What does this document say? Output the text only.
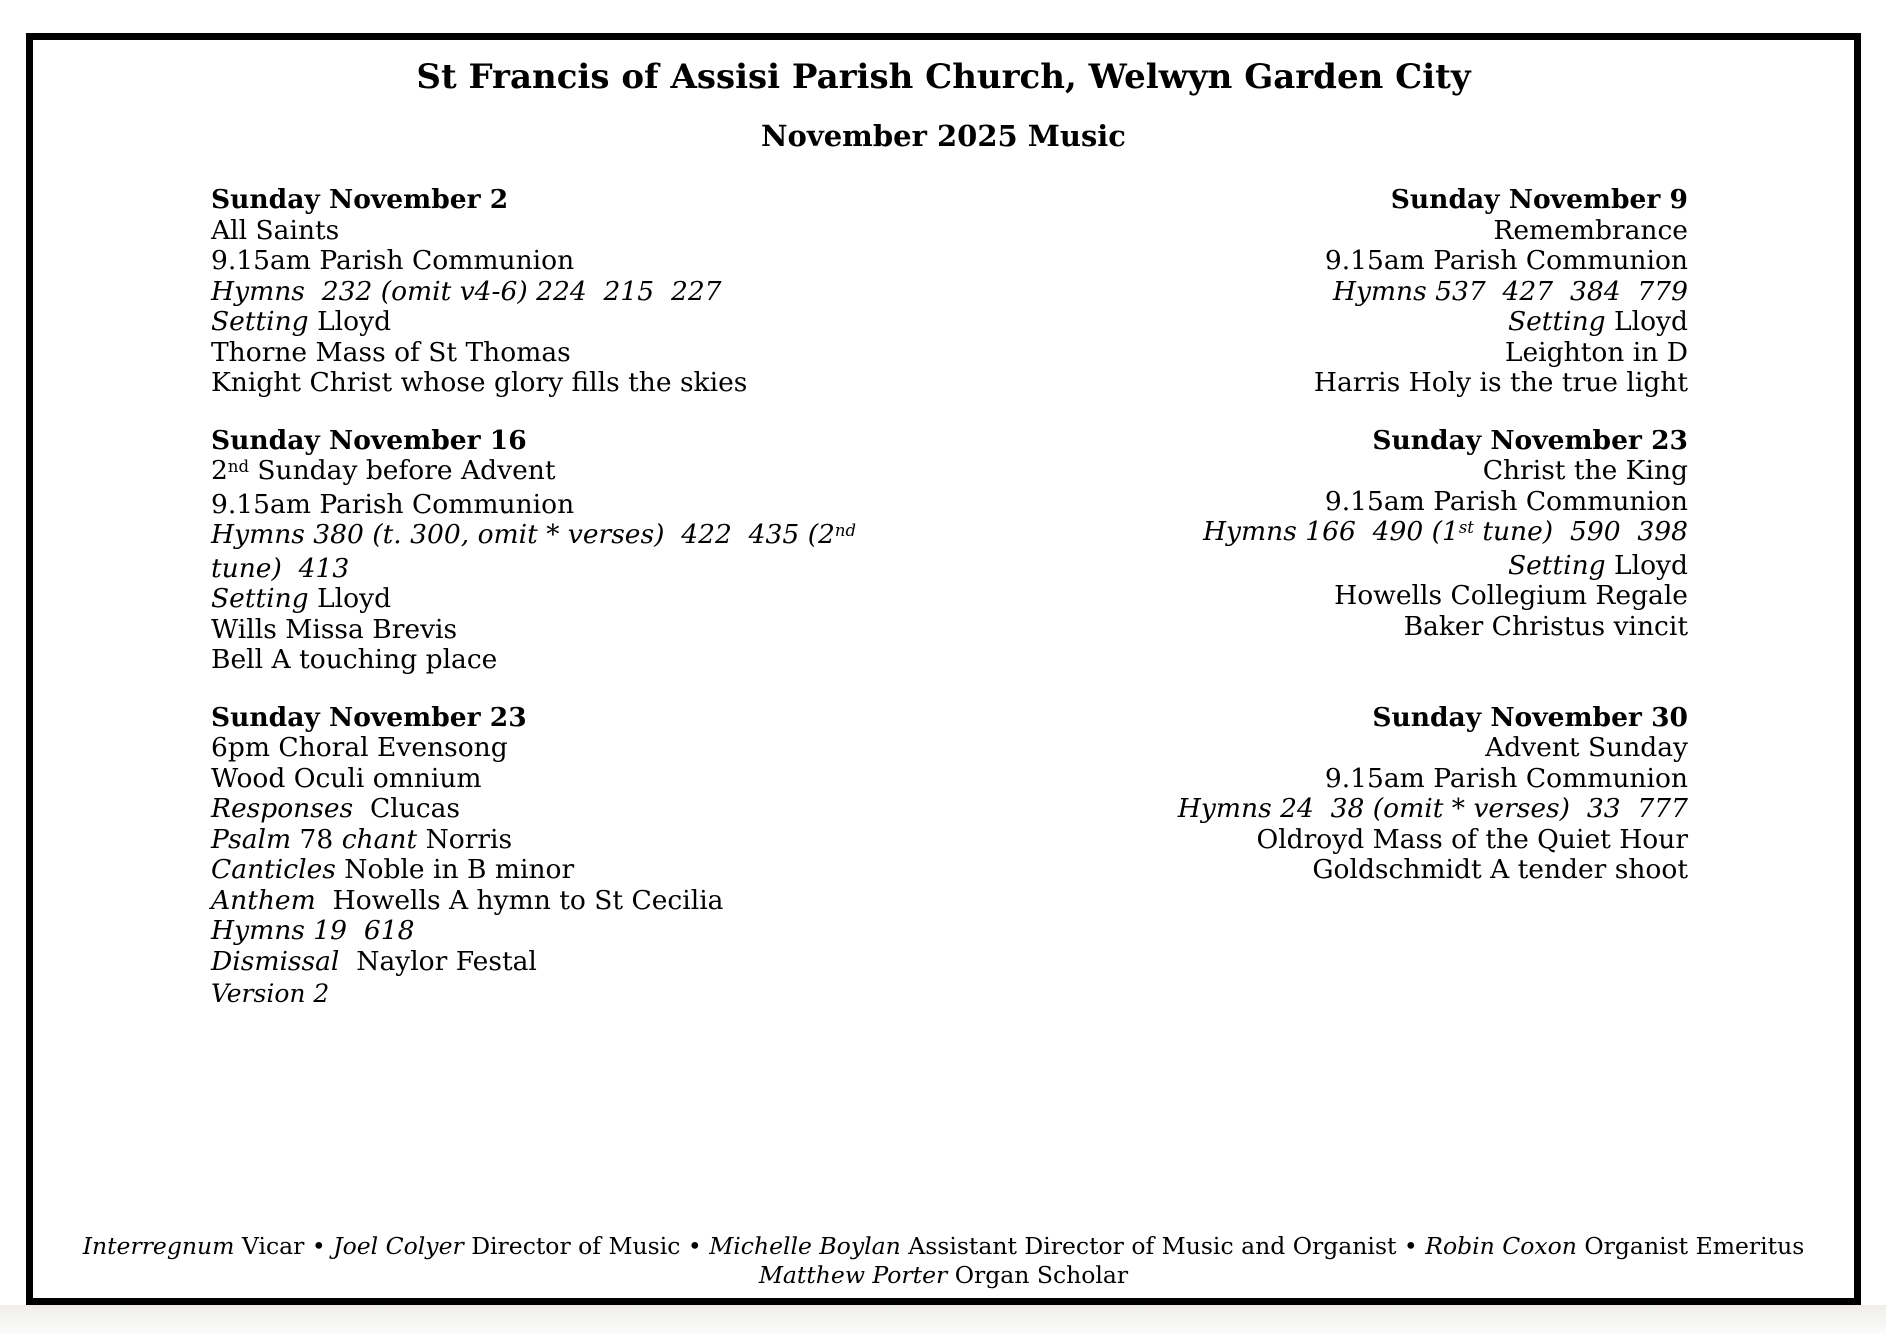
St Francis of Assisi Parish Church, Welwyn Garden City
November 2025 Music
Sunday November 2
All Saints
9.15am Parish Communion
Hymns  232 (omit v4-6) 224  215  227
Setting Lloyd
Thorne Mass of St Thomas
Knight Christ whose glory fills the skies
Sunday November 9
Remembrance
9.15am Parish Communion
Hymns 537  427  384  779
Setting Lloyd
Leighton in D
Harris Holy is the true light
Sunday November 16
2nd Sunday before Advent
9.15am Parish Communion
Hymns 380 (t. 300, omit * verses)  422  435 (2nd tune)  413
Setting Lloyd
Wills Missa Brevis
Bell A touching place
Sunday November 23
Christ the King
9.15am Parish Communion
Hymns 166  490 (1st tune)  590  398
Setting Lloyd
Howells Collegium Regale
Baker Christus vincit
Sunday November 23
6pm Choral Evensong
Wood Oculi omnium
Responses  Clucas
Psalm 78 chant Norris
Canticles Noble in B minor
Anthem  Howells A hymn to St Cecilia
Hymns 19  618
Dismissal  Naylor Festal
Sunday November 30
Advent Sunday
9.15am Parish Communion
Hymns 24  38 (omit * verses)  33  777
Oldroyd Mass of the Quiet Hour
Goldschmidt A tender shoot
Version 2
Interregnum Vicar • Joel Colyer Director of Music • Michelle Boylan Assistant Director of Music and Organist • Robin Coxon Organist Emeritus
Matthew Porter Organ Scholar
